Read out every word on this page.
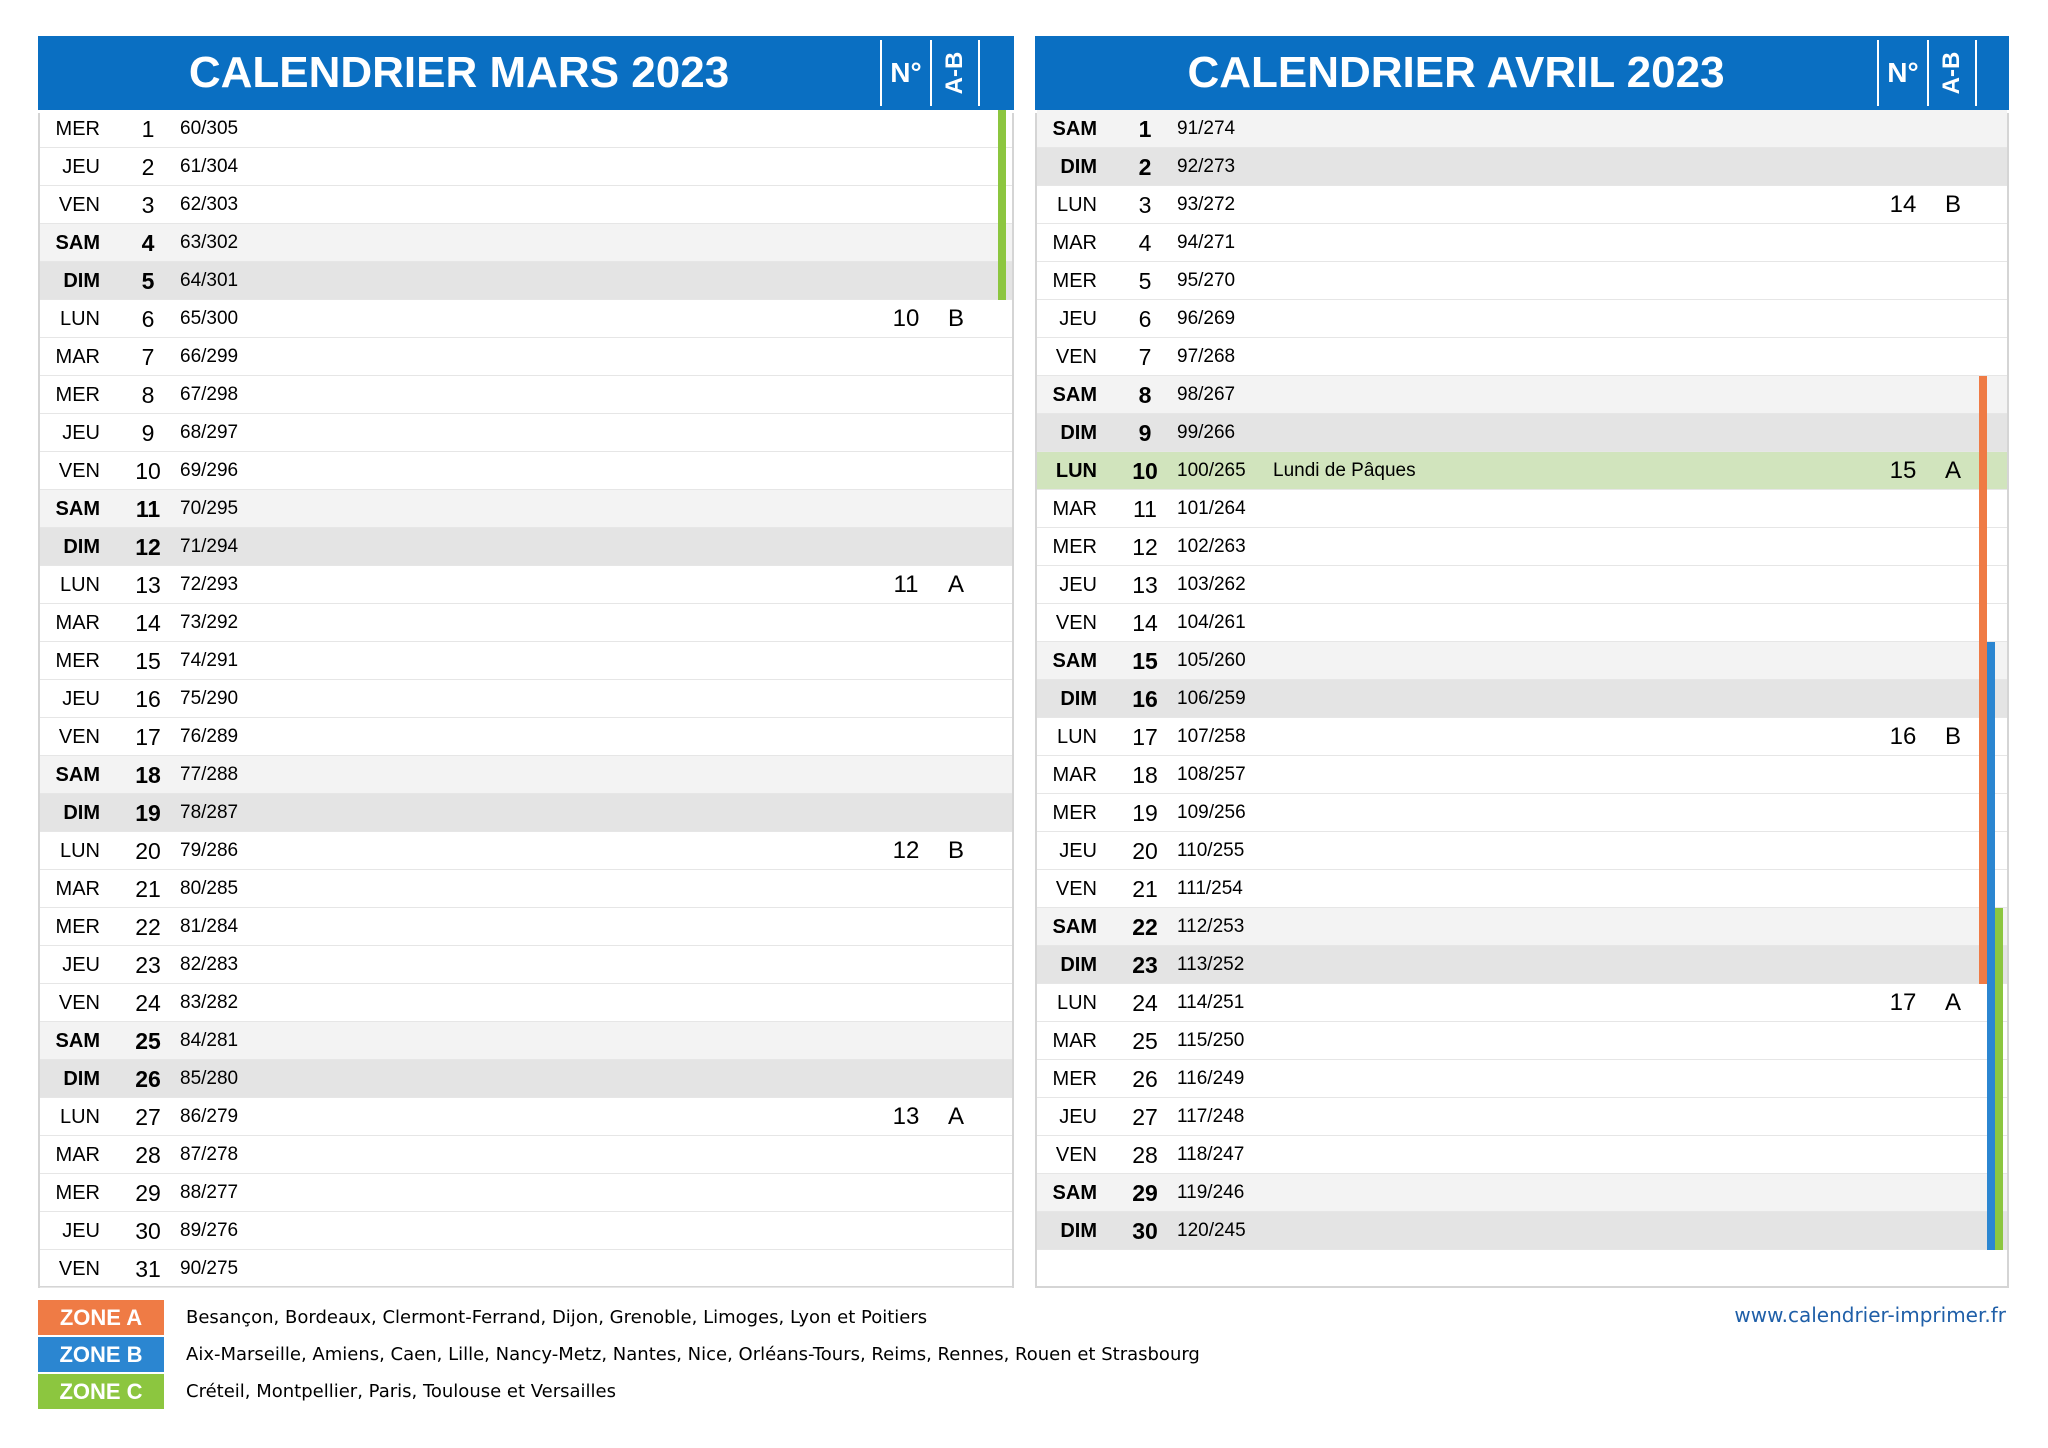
CALENDRIER MARS 2023	N° A-B
MER	1	60/305
JEU	2	61/304
VEN	3	62/303
SAM	4	63/302
DIM	5	64/301
LUN	6	65/300	10	B
MAR	7	66/299
MER	8	67/298
JEU	9	68/297
VEN	10	69/296
SAM	11	70/295
DIM	12	71/294
LUN	13	72/293	11	A
MAR	14	73/292
MER	15	74/291
JEU	16	75/290
VEN	17	76/289
SAM	18	77/288
DIM	19	78/287
LUN	20	79/286	12	B
MAR	21	80/285
MER	22	81/284
JEU	23	82/283
VEN	24	83/282
SAM	25	84/281
DIM	26	85/280
LUN	27	86/279	13	A
MAR	28	87/278
MER	29	88/277
JEU	30	89/276
VEN	31	90/275
CALENDRIER AVRIL 2023	N° A-B
SAM	1	91/274
DIM	2	92/273
LUN	3	93/272	14	B
MAR	4	94/271
MER	5	95/270
JEU	6	96/269
VEN	7	97/268
SAM	8	98/267
DIM	9	99/266
LUN	10	100/265 Lundi de Pâques	15	A
MAR	11	101/264
MER	12	102/263
JEU	13	103/262
VEN	14	104/261
SAM	15	105/260
DIM	16	106/259
LUN	17	107/258	16	B
MAR	18	108/257
MER	19	109/256
JEU	20	110/255
VEN	21	111/254
SAM	22	112/253
DIM	23	113/252
LUN	24	114/251	17	A
MAR	25	115/250
MER	26	116/249
JEU	27	117/248
VEN	28	118/247
SAM	29	119/246
DIM	30	120/245
ZONE A	Besançon, Bordeaux, Clermont-Ferrand, Dijon, Grenoble, Limoges, Lyon et Poitiers
ZONE B	Aix-Marseille, Amiens, Caen, Lille, Nancy-Metz, Nantes, Nice, Orléans-Tours, Reims, Rennes, Rouen et Strasbourg
ZONE C	Créteil, Montpellier, Paris, Toulouse et Versailles
www.calendrier-imprimer.fr
